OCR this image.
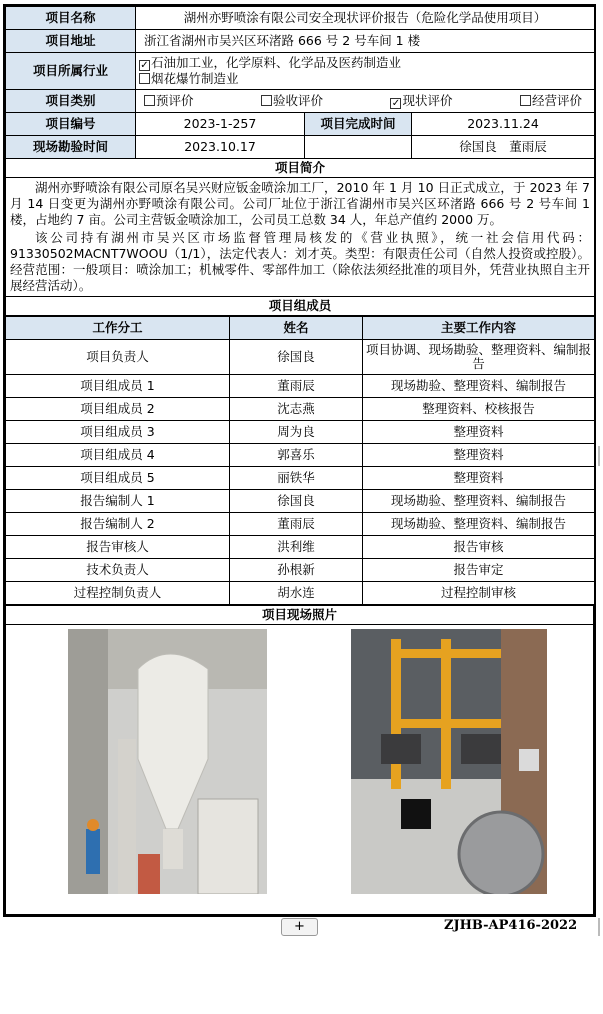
项目名称	湖州亦野喷涂有限公司安全现状评价报告（危险化学品使用项目）		
项目地址	浙江省湖州市吴兴区环渚路 666 号 2 号车间 1 楼		
项目所属行业	✓ 石油加工业，化学原料、化学品及医药制造业
烟花爆竹制造业		

项目类别	预评价 验收评价 ✓ 现状评价 经营评价		

项目编号	2023-1-257	项目完成时间	2023.11.24
现场勘验时间	2023.10.17		徐国良　董雨辰
项目简介			

湖州亦野喷涂有限公司原名吴兴财应钣金喷涂加工厂，2010 年 1 月 10 日正式成立，于 2023 年 7 月 14 日变更为湖州亦野喷涂有限公司。公司厂址位于浙江省湖州市吴兴区环渚路 666 号 2 号车间 1 楼，占地约 7 亩。公司主营钣金喷涂加工，公司员工总数 34 人，年总产值约 2000 万。
该公司持有湖州市吴兴区市场监督管理局核发的《营业执照》，统一社会信用代码：91330502MACNT7WOOU（1/1），法定代表人：刘才英。类型：有限责任公司（自然人投资或控股）。经营范围：一般项目：喷涂加工；机械零件、零部件加工（除依法须经批准的项目外，凭营业执照自主开展经营活动）。			

项目组成员			
工作分工	姓名	主要工作内容
项目负责人	徐国良	项目协调、现场勘验、整理资料、编制报告
项目组成员 1	董雨辰	现场勘验、整理资料、编制报告
项目组成员 2	沈志燕	整理资料、校核报告
项目组成员 3	周为良	整理资料
项目组成员 4	郭喜乐	整理资料
项目组成员 5	丽铁华	整理资料
报告编制人 1	徐国良	现场勘验、整理资料、编制报告
报告编制人 2	董雨辰	现场勘验、整理资料、编制报告
报告审核人	洪利维	报告审核
技术负责人	孙根新	报告审定
过程控制负责人	胡水连	过程控制审核
项目现场照片

+	ZJHB-AP416-2022
